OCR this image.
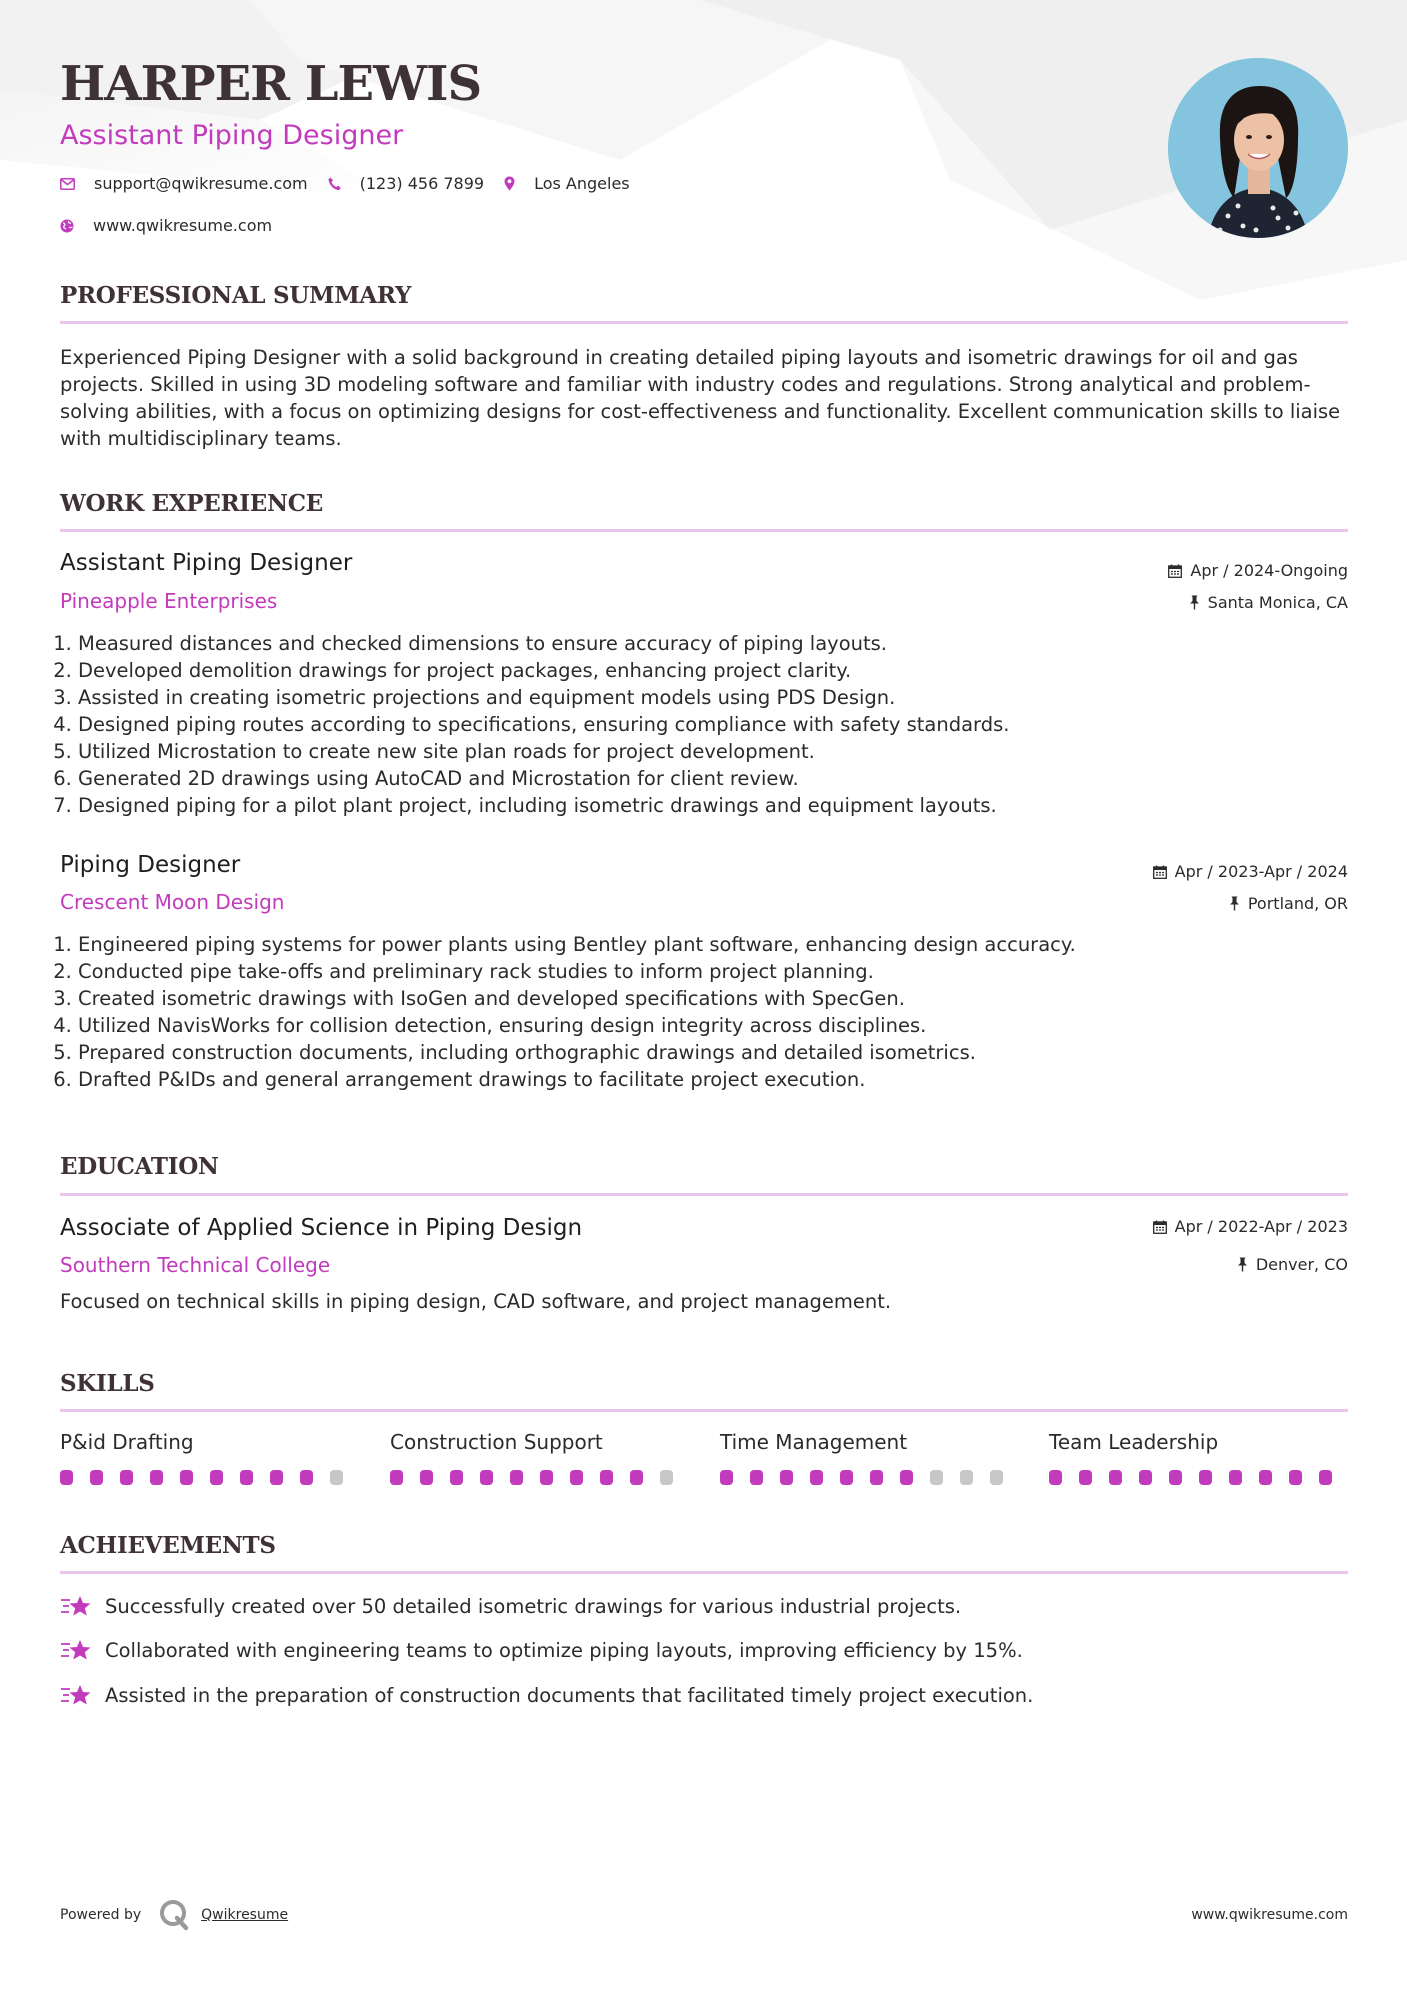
HARPER LEWIS
Assistant Piping Designer
support@qwikresume.com	(123) 456 7899	Los Angeles
www.qwikresume.com
PROFESSIONAL SUMMARY
Experienced Piping Designer with a solid background in creating detailed piping layouts and isometric drawings for oil and gas projects. Skilled in using 3D modeling software and familiar with industry codes and regulations. Strong analytical and problem-solving abilities, with a focus on optimizing designs for cost-effectiveness and functionality. Excellent communication skills to liaise with multidisciplinary teams.
WORK EXPERIENCE
Assistant Piping Designer
Pineapple Enterprises
Apr / 2024-Ongoing
Santa Monica, CA
1. Measured distances and checked dimensions to ensure accuracy of piping layouts.
2. Developed demolition drawings for project packages, enhancing project clarity.
3. Assisted in creating isometric projections and equipment models using PDS Design.
4. Designed piping routes according to specifications, ensuring compliance with safety standards.
5. Utilized Microstation to create new site plan roads for project development.
6. Generated 2D drawings using AutoCAD and Microstation for client review.
7. Designed piping for a pilot plant project, including isometric drawings and equipment layouts.
Piping Designer
Crescent Moon Design
Apr / 2023-Apr / 2024
Portland, OR
1. Engineered piping systems for power plants using Bentley plant software, enhancing design accuracy.
2. Conducted pipe take-offs and preliminary rack studies to inform project planning.
3. Created isometric drawings with IsoGen and developed specifications with SpecGen.
4. Utilized NavisWorks for collision detection, ensuring design integrity across disciplines.
5. Prepared construction documents, including orthographic drawings and detailed isometrics.
6. Drafted P&IDs and general arrangement drawings to facilitate project execution.
EDUCATION
Associate of Applied Science in Piping Design
Southern Technical College
Apr / 2022-Apr / 2023
Denver, CO
Focused on technical skills in piping design, CAD software, and project management.
SKILLS
P&id Drafting	Construction Support	Time Management	Team Leadership
ACHIEVEMENTS
Successfully created over 50 detailed isometric drawings for various industrial projects.
Collaborated with engineering teams to optimize piping layouts, improving efficiency by 15%.
Assisted in the preparation of construction documents that facilitated timely project execution.
Powered by	Qwikresume	www.qwikresume.com
